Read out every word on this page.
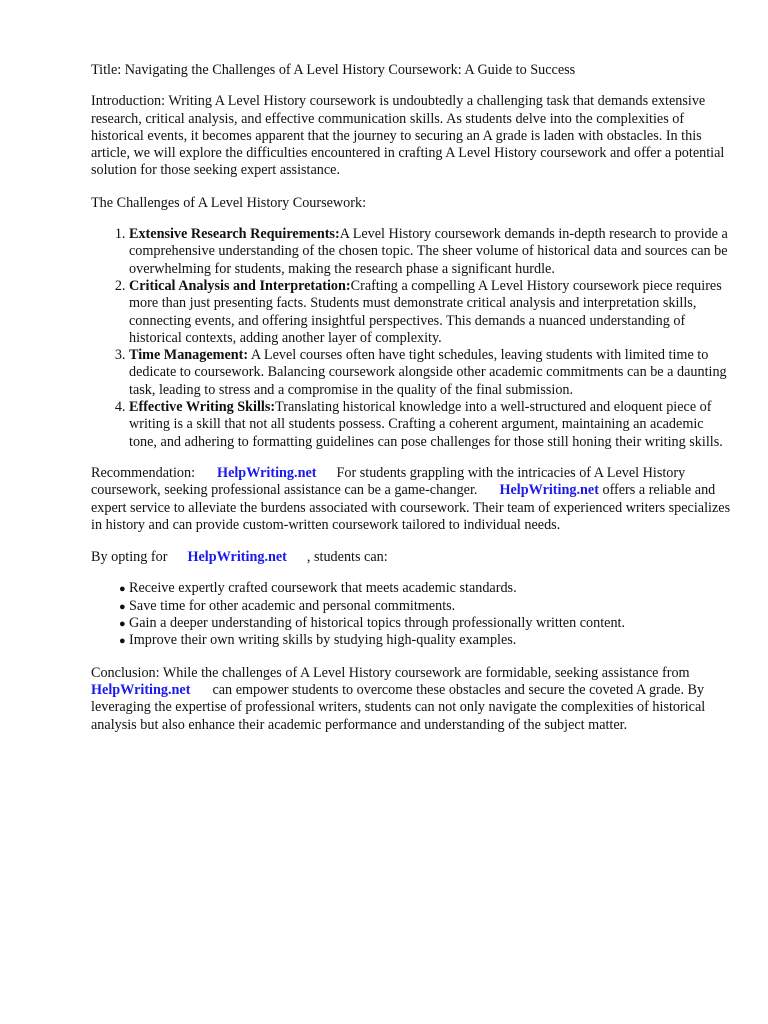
Title: Navigating the Challenges of A Level History Coursework: A Guide to Success

Introduction: Writing A Level History coursework is undoubtedly a challenging task that demands extensive research, critical analysis, and effective communication skills. As students delve into the complexities of historical events, it becomes apparent that the journey to securing an A grade is laden with obstacles. In this article, we will explore the difficulties encountered in crafting A Level History coursework and offer a potential solution for those seeking expert assistance.

The Challenges of A Level History Coursework:

1. Extensive Research Requirements:A Level History coursework demands in-depth research to provide a comprehensive understanding of the chosen topic. The sheer volume of historical data and sources can be overwhelming for students, making the research phase a significant hurdle.
2. Critical Analysis and Interpretation:Crafting a compelling A Level History coursework piece requires more than just presenting facts. Students must demonstrate critical analysis and interpretation skills, connecting events, and offering insightful perspectives. This demands a nuanced understanding of historical contexts, adding another layer of complexity.
3. Time Management: A Level courses often have tight schedules, leaving students with limited time to dedicate to coursework. Balancing coursework alongside other academic commitments can be a daunting task, leading to stress and a compromise in the quality of the final submission.
4. Effective Writing Skills:Translating historical knowledge into a well-structured and eloquent piece of writing is a skill that not all students possess. Crafting a coherent argument, maintaining an academic tone, and adhering to formatting guidelines can pose challenges for those still honing their writing skills.

Recommendation: HelpWriting.net For students grappling with the intricacies of A Level History coursework, seeking professional assistance can be a game-changer. HelpWriting.net offers a reliable and expert service to alleviate the burdens associated with coursework. Their team of experienced writers specializes in history and can provide custom-written coursework tailored to individual needs.

By opting for HelpWriting.net , students can:

● Receive expertly crafted coursework that meets academic standards.
● Save time for other academic and personal commitments.
● Gain a deeper understanding of historical topics through professionally written content.
● Improve their own writing skills by studying high-quality examples.

Conclusion: While the challenges of A Level History coursework are formidable, seeking assistance fromHelpWriting.net can empower students to overcome these obstacles and secure the coveted A grade. By leveraging the expertise of professional writers, students can not only navigate the complexities of historical analysis but also enhance their academic performance and understanding of the subject matter.
